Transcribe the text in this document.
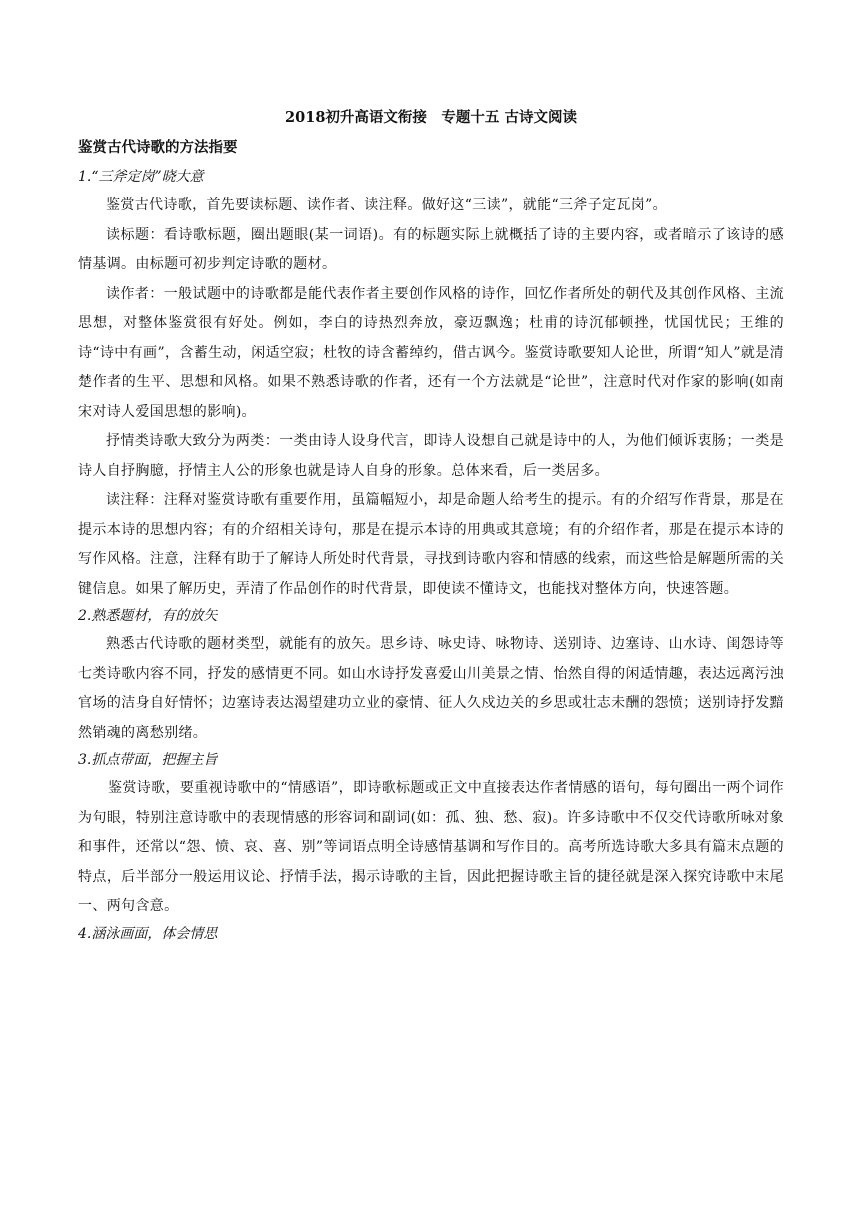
2018初升高语文衔接　专题十五 古诗文阅读
鉴赏古代诗歌的方法指要
1.“三斧定岗”晓大意

鉴赏古代诗歌，首先要读标题、读作者、读注释。做好这“三读”，就能“三斧子定瓦岗”。

读标题：看诗歌标题，圈出题眼(某一词语)。有的标题实际上就概括了诗的主要内容，或者暗示了该诗的感情基调。由标题可初步判定诗歌的题材。

读作者：一般试题中的诗歌都是能代表作者主要创作风格的诗作，回忆作者所处的朝代及其创作风格、主流思想，对整体鉴赏很有好处。例如，李白的诗热烈奔放，豪迈飘逸；杜甫的诗沉郁顿挫，忧国忧民；王维的诗“诗中有画”，含蓄生动，闲适空寂；杜牧的诗含蓄绰约，借古讽今。鉴赏诗歌要知人论世，所谓“知人”就是清楚作者的生平、思想和风格。如果不熟悉诗歌的作者，还有一个方法就是“论世”，注意时代对作家的影响(如南宋对诗人爱国思想的影响)。

抒情类诗歌大致分为两类：一类由诗人设身代言，即诗人设想自己就是诗中的人，为他们倾诉衷肠；一类是诗人自抒胸臆，抒情主人公的形象也就是诗人自身的形象。总体来看，后一类居多。

读注释：注释对鉴赏诗歌有重要作用，虽篇幅短小，却是命题人给考生的提示。有的介绍写作背景，那是在提示本诗的思想内容；有的介绍相关诗句，那是在提示本诗的用典或其意境；有的介绍作者，那是在提示本诗的写作风格。注意，注释有助于了解诗人所处时代背景，寻找到诗歌内容和情感的线索，而这些恰是解题所需的关键信息。如果了解历史，弄清了作品创作的时代背景，即使读不懂诗文，也能找对整体方向，快速答题。

2.熟悉题材，有的放矢

熟悉古代诗歌的题材类型，就能有的放矢。思乡诗、咏史诗、咏物诗、送别诗、边塞诗、山水诗、闺怨诗等七类诗歌内容不同，抒发的感情更不同。如山水诗抒发喜爱山川美景之情、怡然自得的闲适情趣，表达远离污浊官场的洁身自好情怀；边塞诗表达渴望建功立业的豪情、征人久戍边关的乡思或壮志未酬的怨愤；送别诗抒发黯然销魂的离愁别绪。

3.抓点带面，把握主旨

鉴赏诗歌，要重视诗歌中的“情感语”，即诗歌标题或正文中直接表达作者情感的语句，每句圈出一两个词作为句眼，特别注意诗歌中的表现情感的形容词和副词(如：孤、独、愁、寂)。许多诗歌中不仅交代诗歌所咏对象和事件，还常以“怨、愤、哀、喜、别”等词语点明全诗感情基调和写作目的。高考所选诗歌大多具有篇末点题的特点，后半部分一般运用议论、抒情手法，揭示诗歌的主旨，因此把握诗歌主旨的捷径就是深入探究诗歌中末尾一、两句含意。

4.涵泳画面，体会情思
